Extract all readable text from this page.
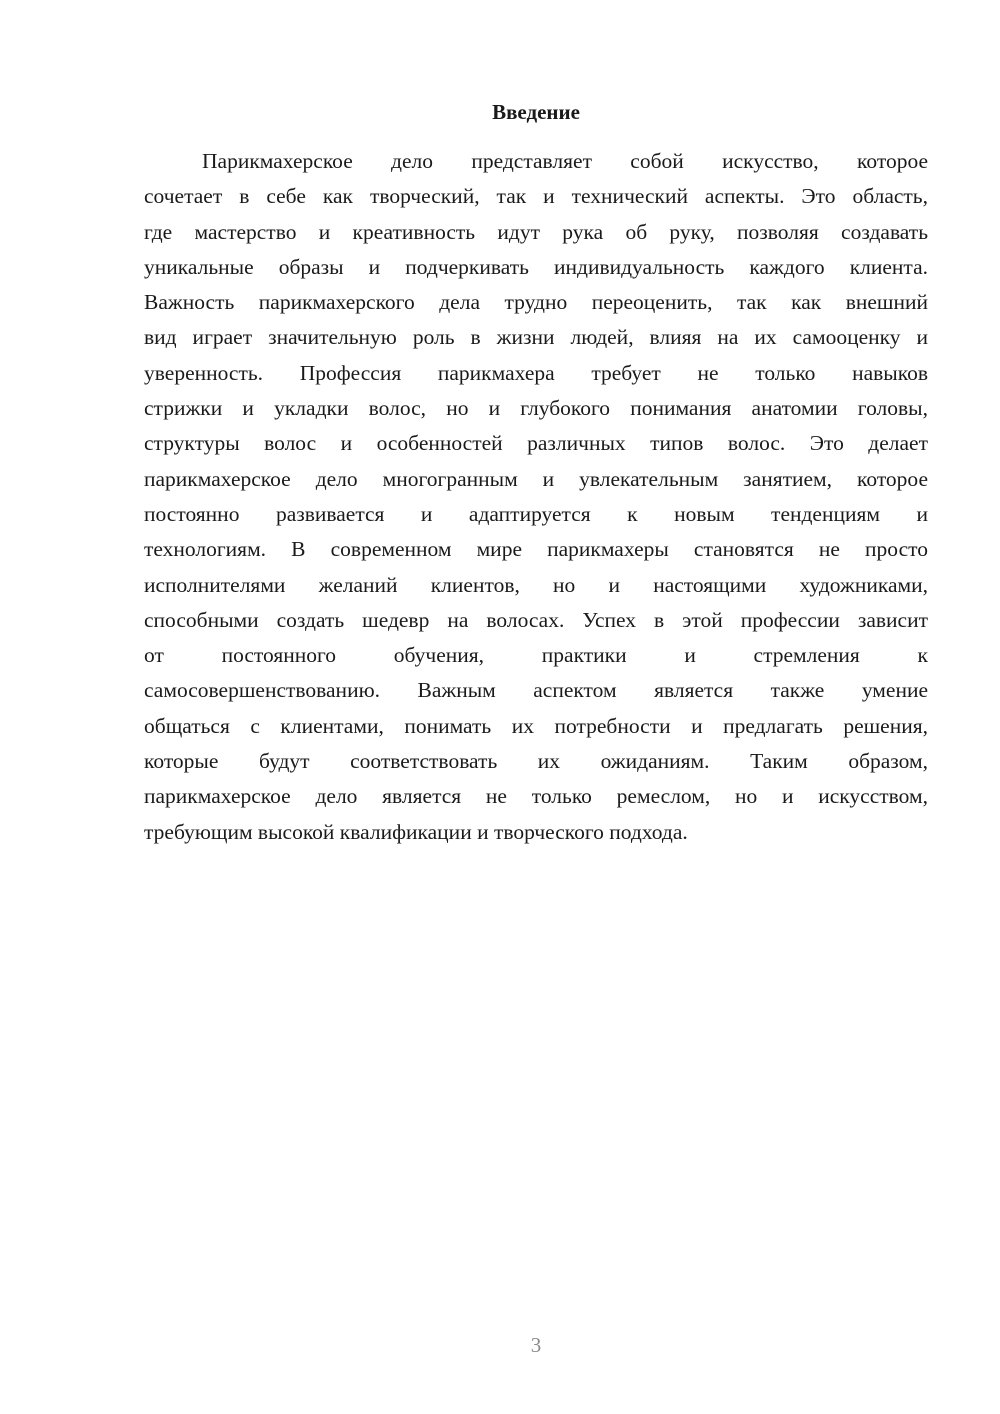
Введение
Парикмахерское дело представляет собой искусство, которое
сочетает в себе как творческий, так и технический аспекты. Это область,
где мастерство и креативность идут рука об руку, позволяя создавать
уникальные образы и подчеркивать индивидуальность каждого клиента.
Важность парикмахерского дела трудно переоценить, так как внешний
вид играет значительную роль в жизни людей, влияя на их самооценку и
уверенность. Профессия парикмахера требует не только навыков
стрижки и укладки волос, но и глубокого понимания анатомии головы,
структуры волос и особенностей различных типов волос. Это делает
парикмахерское дело многогранным и увлекательным занятием, которое
постоянно развивается и адаптируется к новым тенденциям и
технологиям. В современном мире парикмахеры становятся не просто
исполнителями желаний клиентов, но и настоящими художниками,
способными создать шедевр на волосах. Успех в этой профессии зависит
от постоянного обучения, практики и стремления к
самосовершенствованию. Важным аспектом является также умение
общаться с клиентами, понимать их потребности и предлагать решения,
которые будут соответствовать их ожиданиям. Таким образом,
парикмахерское дело является не только ремеслом, но и искусством,
требующим высокой квалификации и творческого подхода.
3
